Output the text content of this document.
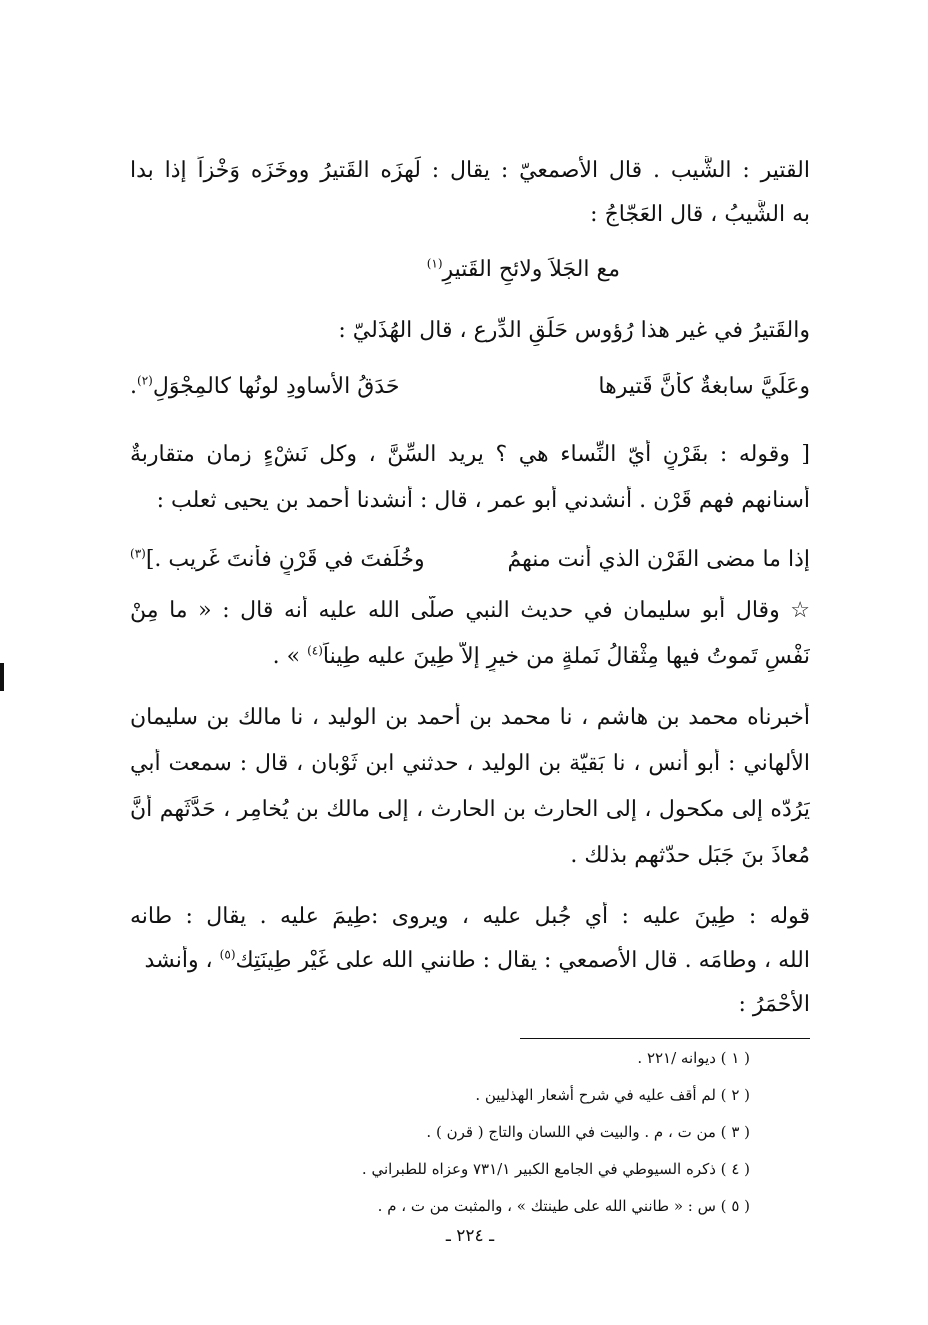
القتير : الشَّيب . قال الأصمعيّ : يقال : لَهزَه القَتيرُ ووخَزَه وَخْزاً إذا بدا
به الشَّيبُ ، قال العَجّاجُ :
مع الجَلاَ ولائحِ القَتيرِ$^{(١)}$
والقَتيرُ في غير هذا رُؤوس حَلَقِ الدِّرع ، قال الهُذَليّ :
وعَلَيَّ سابغةٌ كأنَّ قَتيرها
حَدَقُ الأساودِ لونُها كالمِجْوَلِ$^{(٢)}$.
[ وقوله : بقَرْنٍ أيّ النِّساء هي ؟ يريد السِّنَّ ، وكل نَشْءٍ زمان متقاربةٌ
أسنانهم فهم قَرْن . أنشدني أبو عمر ، قال : أنشدنا أحمد بن يحيى ثعلب :
إذا ما مضى القَرْن الذي أنت منهمُ
وخُلِّفتَ في قَرْنٍ فأنتَ غَريب .]$^{(٣)}$
☆ وقال أبو سليمان في حديث النبي صلّى الله عليه أنه قال : « ما مِنْ
نَفْسٍ تَموتُ فيها مِثْقالُ نَملةٍ من خيرٍ إلاّ طِينَ عليه طِيناً$^{(٤)}$ » .
أخبرناه محمد بن هاشم ، نا محمد بن أحمد بن الوليد ، نا مالك بن سليمان
الألهاني : أبو أنس ، نا بَقيّة بن الوليد ، حدثني ابن ثَوْبان ، قال : سمعت أَبي
يَرُدّه إلى مكحول ، إلى الحارث بن الحارث ، إلى مالك بن يُخامِر ، حَدَّثَهم أَنَّ
مُعاذَ بنَ جَبَل حدّثهم بذلك .
قوله : طِينَ عليه : أي جُبل عليه ، ويروى :طِيمَ عليه . يقال : طانه
الله ، وطامَه . قال الأصمعي : يقال : طانني الله على غَيْر طِينَتِك$^{(٥)}$ ، وأنشد
الأَحْمَرُ :
( ١ ) ديوانه /٢٢١ .
( ٢ ) لم أقف عليه في شرح أشعار الهذليين .
( ٣ ) من ت ، م . والبيت في اللسان والتاج ( قرن ) .
( ٤ ) ذكره السيوطي في الجامع الكبير ٧٣١/١ وعزاه للطبراني .
( ٥ ) س : « طانني الله على طينتك » ، والمثبت من ت ، م .
ـ ٢٢٤ ـ
